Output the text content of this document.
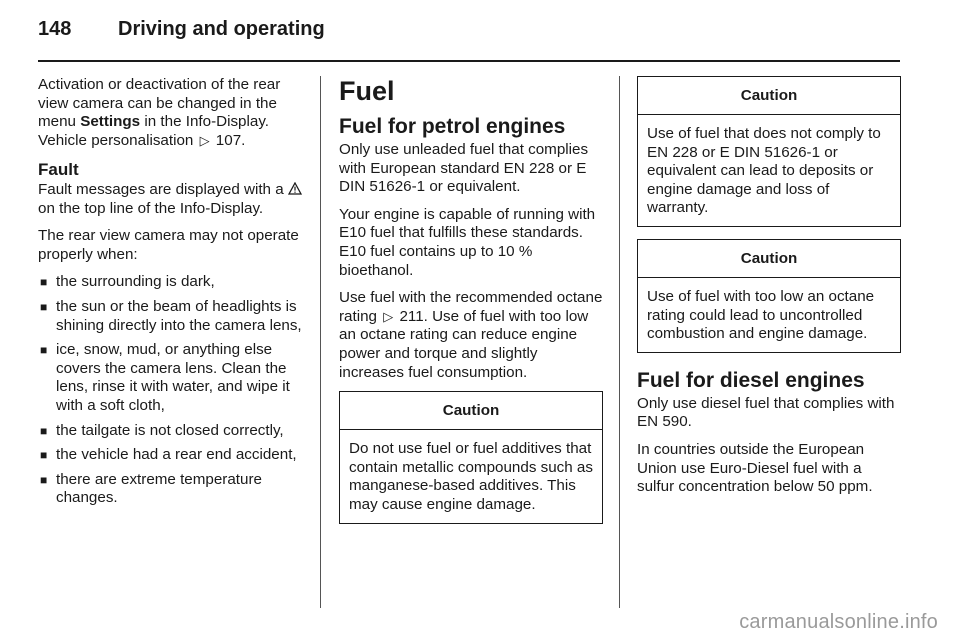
148	Driving and operating

Activation or deactivation of the rear view camera can be changed in the menu Settings in the Info-Display. Vehicle personalisation ▷ 107.

Fault

Fault messages are displayed with a on the top line of the Info-Display.

The rear view camera may not operate properly when:

■ the surrounding is dark,
■ the sun or the beam of headlights is shining directly into the camera lens,
■ ice, snow, mud, or anything else covers the camera lens. Clean the lens, rinse it with water, and wipe it with a soft cloth,
■ the tailgate is not closed correctly,
■ the vehicle had a rear end accident,
■ there are extreme temperature changes.
Fuel
Fuel for petrol engines

Only use unleaded fuel that complies with European standard EN 228 or E DIN 51626-1 or equivalent.

Your engine is capable of running with E10 fuel that fulfills these standards. E10 fuel contains up to 10 % bioethanol.

Use fuel with the recommended octane rating ▷ 211. Use of fuel with too low an octane rating can reduce engine power and torque and slightly increases fuel consumption.

Caution
Do not use fuel or fuel additives that contain metallic compounds such as manganese-based additives. This may cause engine damage.
Caution
Use of fuel that does not comply to EN 228 or E DIN 51626-1 or equivalent can lead to deposits or engine damage and loss of warranty.
Caution
Use of fuel with too low an octane rating could lead to uncontrolled combustion and engine damage.
Fuel for diesel engines

Only use diesel fuel that complies with EN 590.

In countries outside the European Union use Euro-Diesel fuel with a sulfur concentration below 50 ppm.

carmanualsonline.info
